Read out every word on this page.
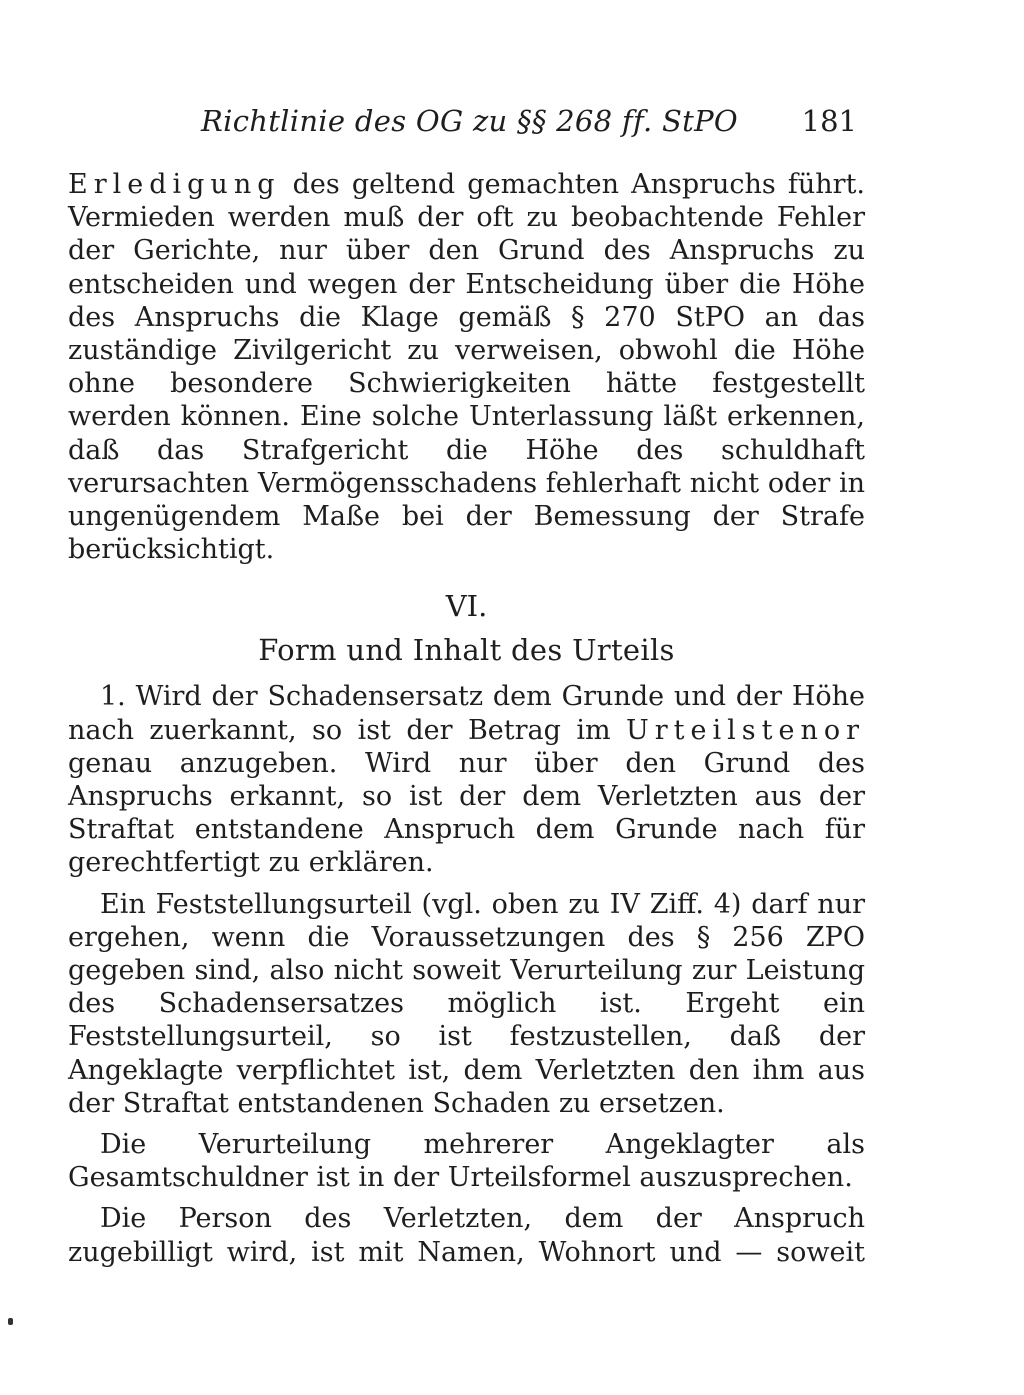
Richtlinie des OG zu §§ 268 ff. StPO 181

Erledigung des geltend gemachten Anspruchs führt. Vermieden werden muß der oft zu beobachtende Fehler der Gerichte, nur über den Grund des Anspruchs zu entscheiden und wegen der Entscheidung über die Höhe des Anspruchs die Klage gemäß § 270 StPO an das zuständige Zivilgericht zu verweisen, obwohl die Höhe ohne besondere Schwierigkeiten hätte festgestellt werden können. Eine solche Unterlassung läßt erkennen, daß das Strafgericht die Höhe des schuldhaft verursachten Vermögensschadens fehlerhaft nicht oder in ungenügendem Maße bei der Bemessung der Strafe berücksichtigt.

VI.
Form und Inhalt des Urteils

1. Wird der Schadensersatz dem Grunde und der Höhe nach zuerkannt, so ist der Betrag im Urteilstenor genau anzugeben. Wird nur über den Grund des Anspruchs erkannt, so ist der dem Verletzten aus der Straftat entstandene Anspruch dem Grunde nach für gerechtfertigt zu erklären.

Ein Feststellungsurteil (vgl. oben zu IV Ziff. 4) darf nur ergehen, wenn die Voraussetzungen des § 256 ZPO gegeben sind, also nicht soweit Verurteilung zur Leistung des Schadensersatzes möglich ist. Ergeht ein Feststellungsurteil, so ist festzustellen, daß der Angeklagte verpflichtet ist, dem Verletzten den ihm aus der Straftat entstandenen Schaden zu ersetzen.

Die Verurteilung mehrerer Angeklagter als Gesamtschuldner ist in der Urteilsformel auszusprechen.

Die Person des Verletzten, dem der Anspruch zugebilligt wird, ist mit Namen, Wohnort und — soweit
